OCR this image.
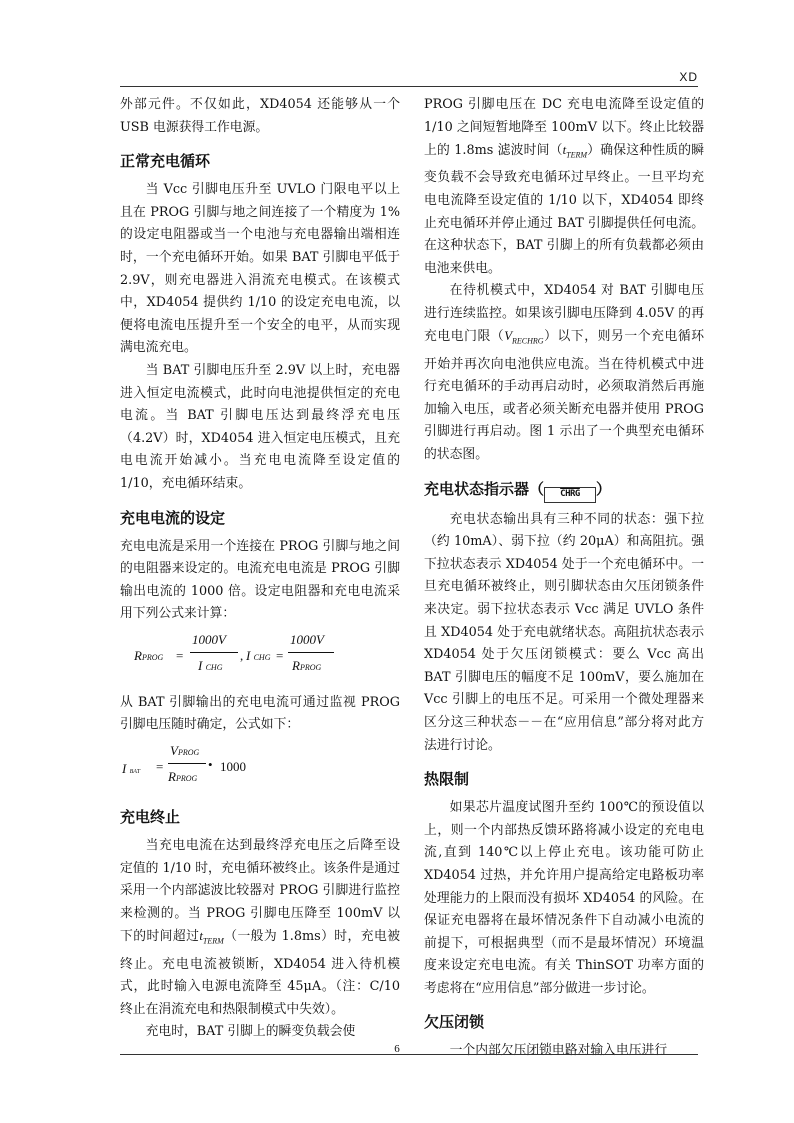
XD

外部元件。不仅如此，XD4054 还能够从一个USB 电源获得工作电源。

正常充电循环

当 Vcc 引脚电压升至 UVLO 门限电平以上且在 PROG 引脚与地之间连接了一个精度为 1%的设定电阻器或当一个电池与充电器输出端相连时，一个充电循环开始。如果 BAT 引脚电平低于 2.9V，则充电器进入涓流充电模式。在该模式中，XD4054 提供约 1/10 的设定充电电流，以便将电流电压提升至一个安全的电平，从而实现满电流充电。

当 BAT 引脚电压升至 2.9V 以上时，充电器进入恒定电流模式，此时向电池提供恒定的充电电流。当 BAT 引脚电压达到最终浮充电压（4.2V）时，XD4054 进入恒定电压模式，且充电电流开始减小。当充电电流降至设定值的 1/10，充电循环结束。

充电电流的设定

充电电流是采用一个连接在 PROG 引脚与地之间的电阻器来设定的。电流充电电流是 PROG 引脚输出电流的 1000 倍。设定电阻器和充电电流采用下列公式来计算：

RPROG =
1000V
I CHG
, I CHG =
1000V
RPROG

从 BAT 引脚输出的充电电流可通过监视 PROG 引脚电压随时确定，公式如下：

I BAT =
VPROG
RPROG
• 1000
充电终止

当充电电流在达到最终浮充电压之后降至设定值的 1/10 时，充电循环被终止。该条件是通过采用一个内部滤波比较器对 PROG 引脚进行监控来检测的。当 PROG 引脚电压降至 100mV 以下的时间超过$t_{TERM}$（一般为 1.8ms）时，充电被终止。充电电流被锁断，XD4054 进入待机模式，此时输入电源电流降至 45μA。（注：C/10 终止在涓流充电和热限制模式中失效）。

充电时，BAT 引脚上的瞬变负载会使

PROG 引脚电压在 DC 充电电流降至设定值的 1/10 之间短暂地降至 100mV 以下。终止比较器上的 1.8ms 滤波时间$(t_{TERM})$确保这种性质的瞬变负载不会导致充电循环过早终止。一旦平均充电电流降至设定值的 1/10 以下，XD4054 即终止充电循环并停止通过 BAT 引脚提供任何电流。在这种状态下，BAT 引脚上的所有负载都必须由电池来供电。

在待机模式中，XD4054 对 BAT 引脚电压进行连续监控。如果该引脚电压降到 4.05V 的再充电电门限$(V_{RECHRG})$以下，则另一个充电循环开始并再次向电池供应电流。当在待机模式中进行充电循环的手动再启动时，必须取消然后再施加输入电压，或者必须关断充电器并使用 PROG 引脚进行再启动。图 1 示出了一个典型充电循环的状态图。

充电状态指示器（ CHRG ）

充电状态输出具有三种不同的状态：强下拉（约 10mA）、弱下拉（约 20μA）和高阻抗。强下拉状态表示 XD4054 处于一个充电循环中。一旦充电循环被终止，则引脚状态由欠压闭锁条件来决定。弱下拉状态表示 Vcc 满足 UVLO 条件且 XD4054 处于充电就绪状态。高阻抗状态表示 XD4054 处于欠压闭锁模式：要么 Vcc 高出 BAT 引脚电压的幅度不足 100mV，要么施加在 Vcc 引脚上的电压不足。可采用一个微处理器来区分这三种状态－－在“应用信息”部分将对此方法进行讨论。

热限制

如果芯片温度试图升至约 100℃的预设值以上，则一个内部热反馈环路将减小设定的充电电流,直到 140℃以上停止充电。该功能可防止 XD4054 过热，并允许用户提高给定电路板功率处理能力的上限而没有损坏 XD4054 的风险。在保证充电器将在最坏情况条件下自动减小电流的前提下，可根据典型（而不是最坏情况）环境温度来设定充电电流。有关 ThinSOT 功率方面的考虑将在“应用信息”部分做进一步讨论。

欠压闭锁

一个内部欠压闭锁电路对输入电压进行

6
